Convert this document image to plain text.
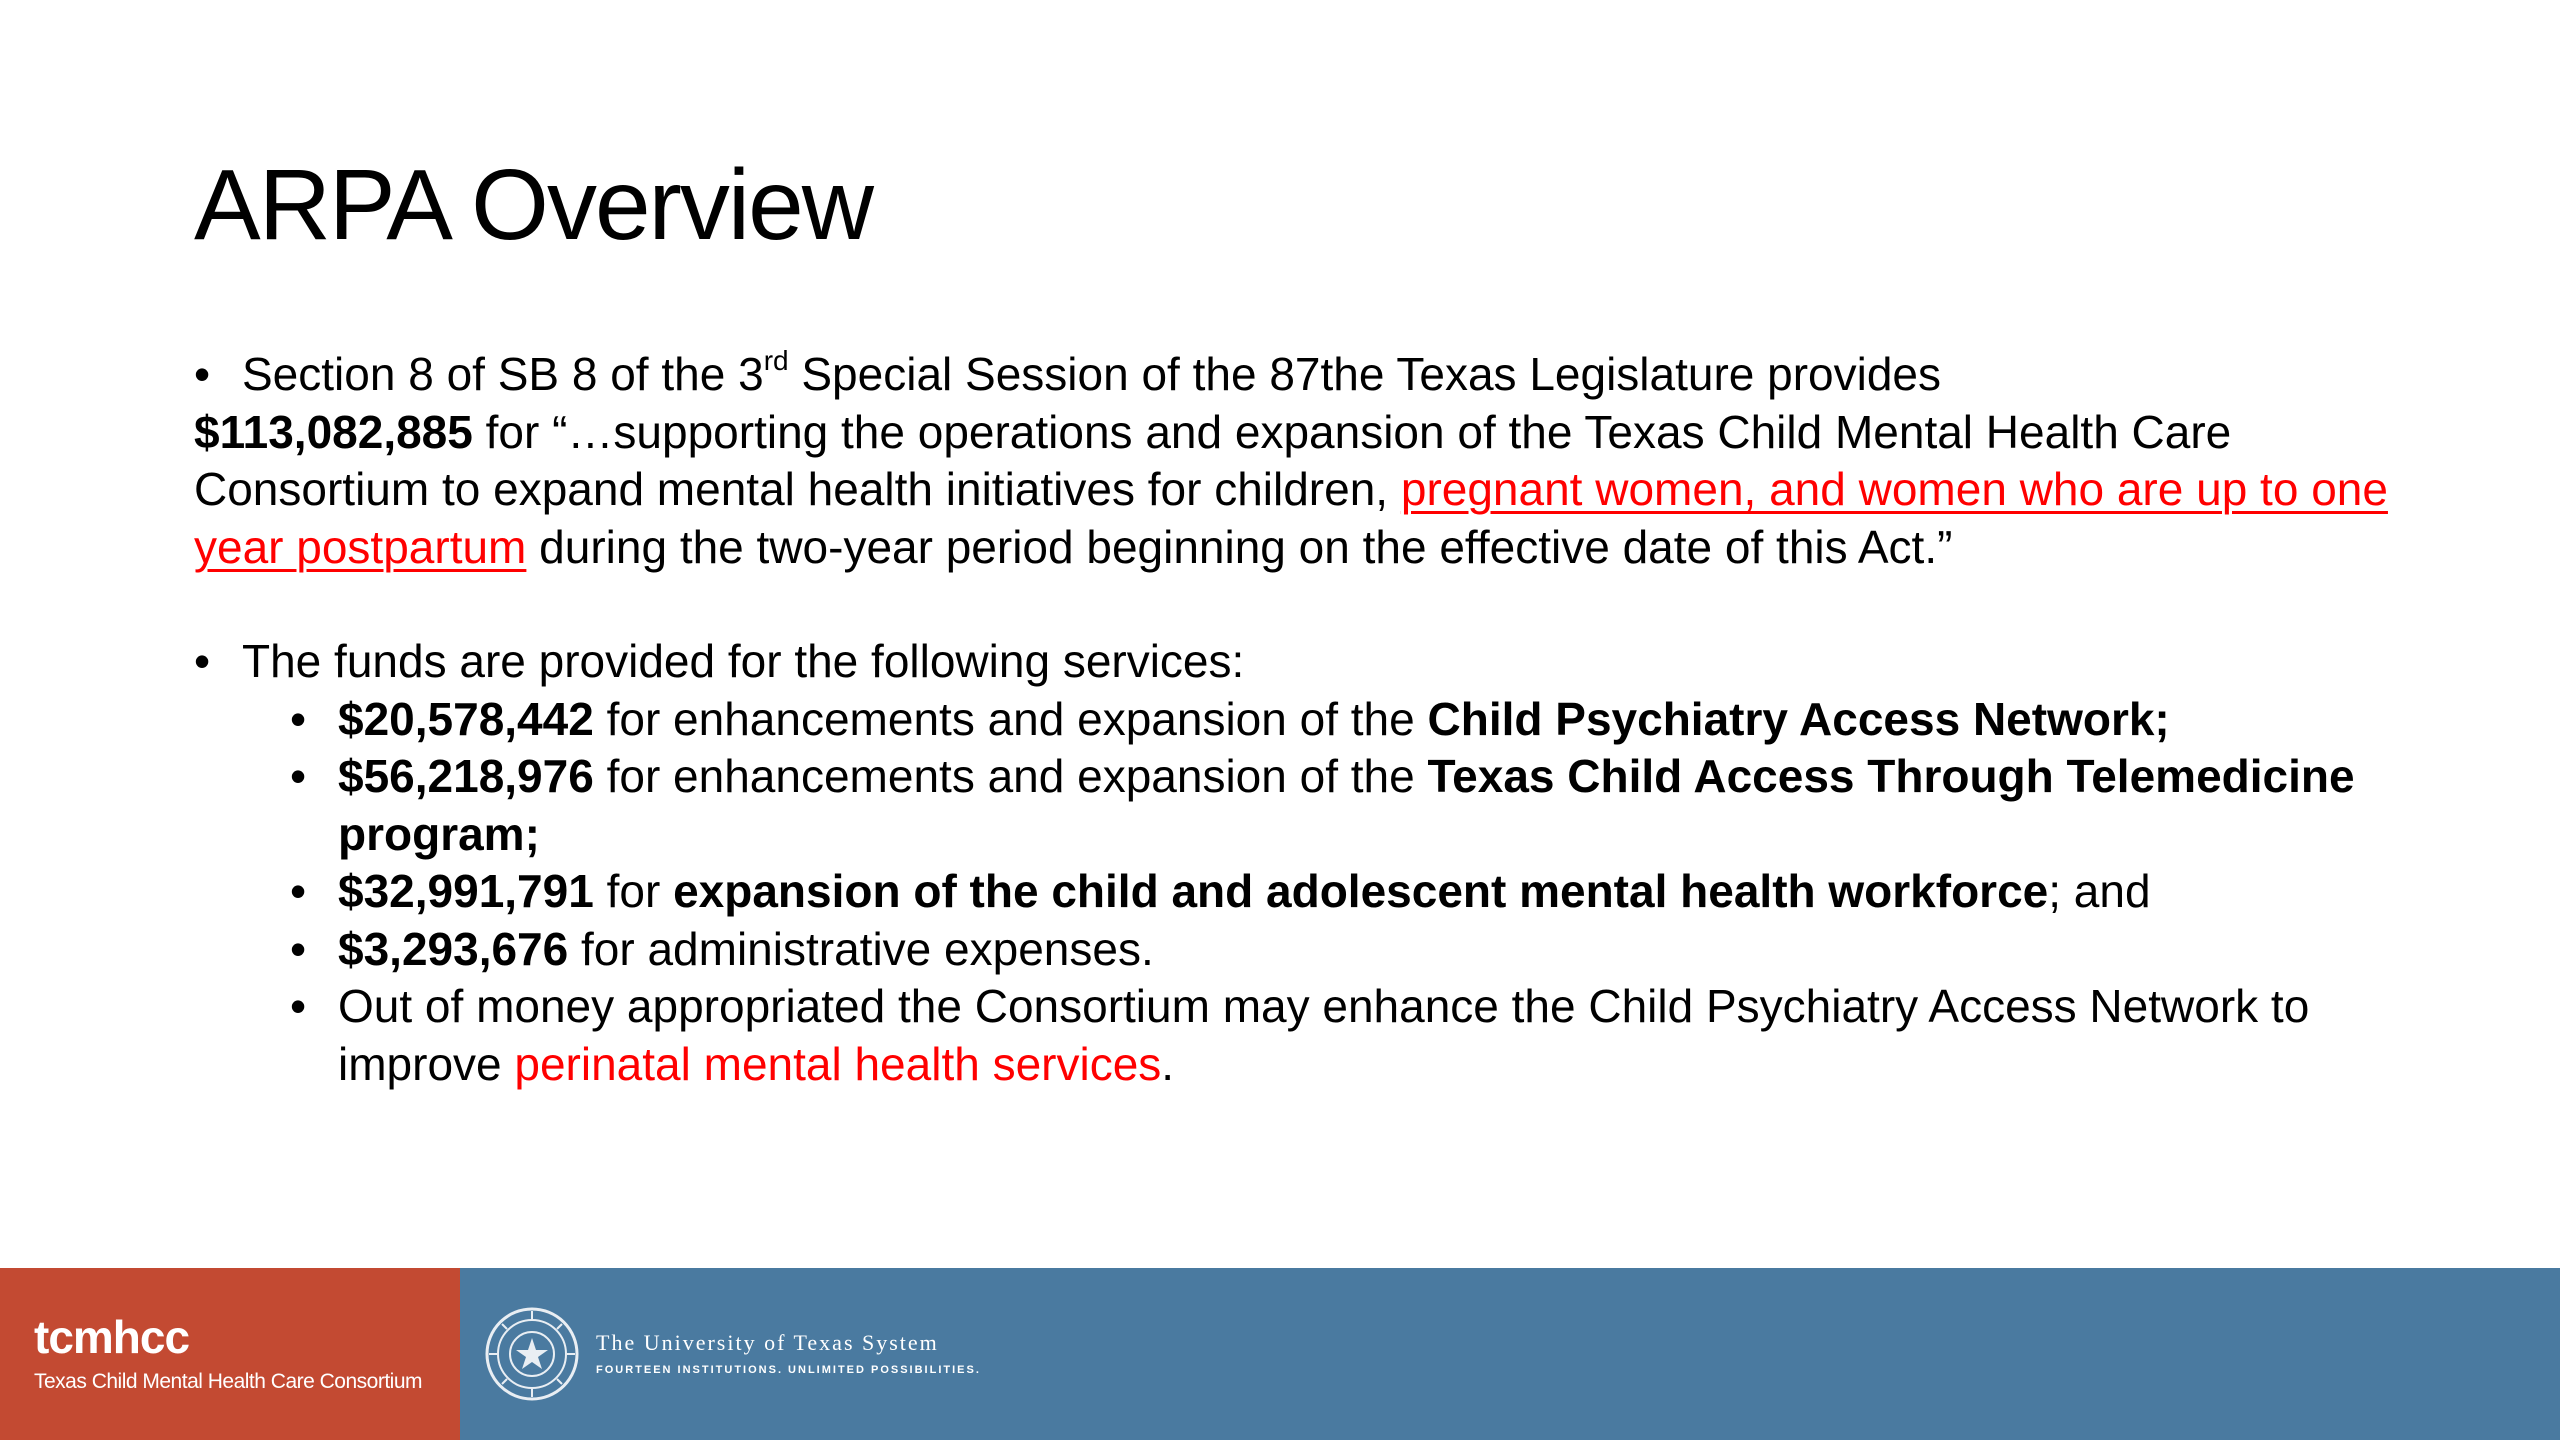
ARPA Overview
• Section 8 of SB 8 of the 3rd Special Session of the 87the Texas Legislature provides
$113,082,885 for “…supporting the operations and expansion of the Texas Child Mental Health Care Consortium to expand mental health initiatives for children, pregnant women, and women who are up to one year postpartum during the two-year period beginning on the effective date of this Act.”
• The funds are provided for the following services:
• $20,578,442 for enhancements and expansion of the Child Psychiatry Access Network;
• $56,218,976 for enhancements and expansion of the Texas Child Access Through Telemedicine program;
• $32,991,791 for expansion of the child and adolescent mental health workforce; and
• $3,293,676 for administrative expenses.
• Out of money appropriated the Consortium may enhance the Child Psychiatry Access Network to improve perinatal mental health services.
tcmhcc
Texas Child Mental Health Care Consortium
The University of Texas System
FOURTEEN INSTITUTIONS. UNLIMITED POSSIBILITIES.
